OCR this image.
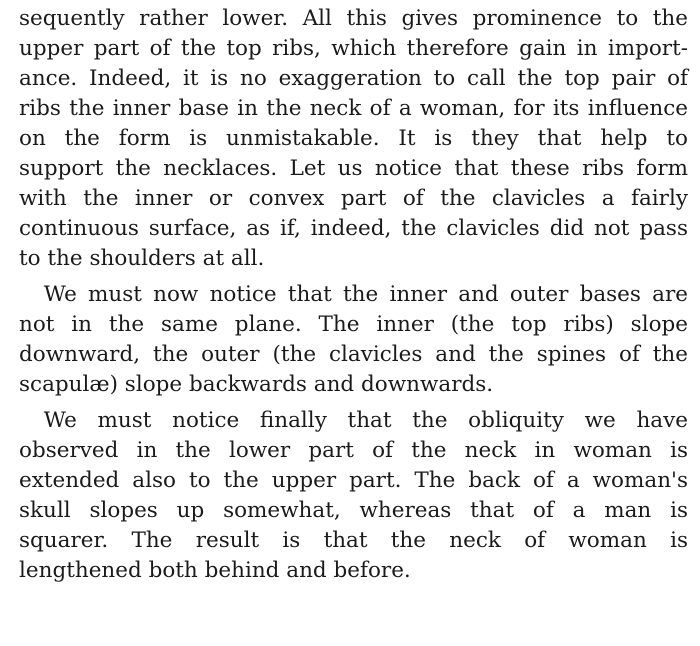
sequently rather lower. All this gives prominence to the
upper part of the top ribs, which therefore gain in import-
ance. Indeed, it is no exaggeration to call the top pair of
ribs the inner base in the neck of a woman, for its influence
on the form is unmistakable. It is they that help to
support the necklaces. Let us notice that these ribs form
with the inner or convex part of the clavicles a fairly
continuous surface, as if, indeed, the clavicles did not pass
to the shoulders at all.
We must now notice that the inner and outer bases are
not in the same plane. The inner (the top ribs) slope
downward, the outer (the clavicles and the spines of the
scapulæ) slope backwards and downwards.
We must notice finally that the obliquity we have
observed in the lower part of the neck in woman is
extended also to the upper part. The back of a woman's
skull slopes up somewhat, whereas that of a man is
squarer. The result is that the neck of woman is
lengthened both behind and before.
